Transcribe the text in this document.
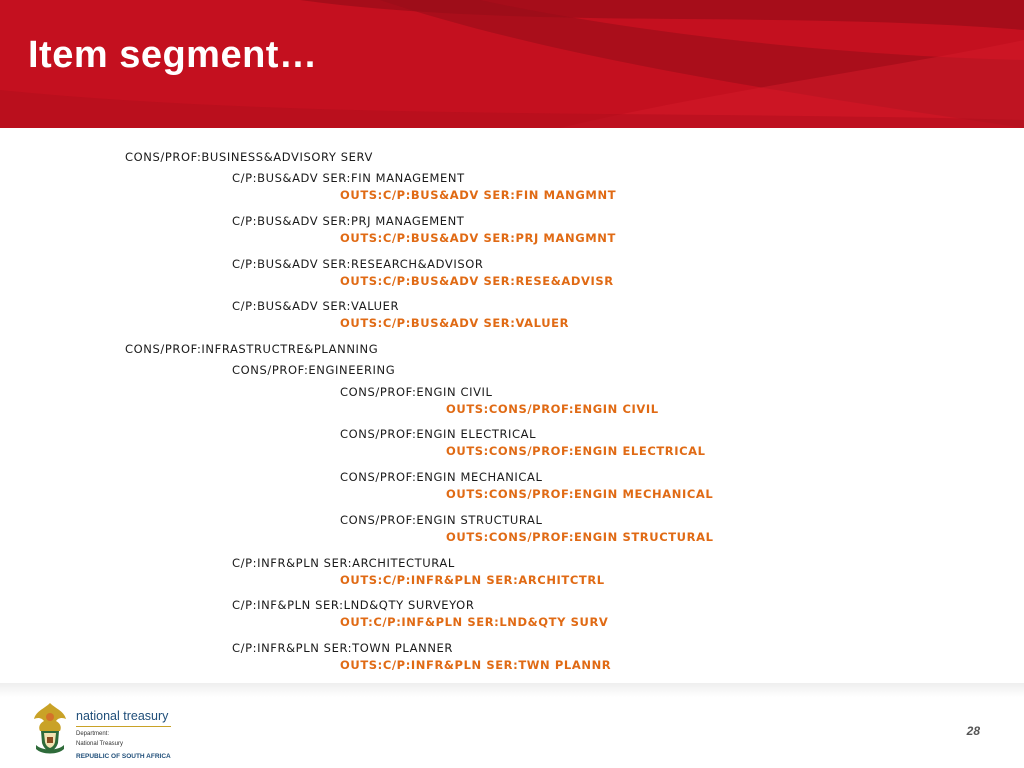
Item segment…
CONS/PROF:BUSINESS&ADVISORY SERV
C/P:BUS&ADV SER:FIN MANAGEMENT
OUTS:C/P:BUS&ADV SER:FIN MANGMNT
C/P:BUS&ADV SER:PRJ MANAGEMENT
OUTS:C/P:BUS&ADV SER:PRJ MANGMNT
C/P:BUS&ADV SER:RESEARCH&ADVISOR
OUTS:C/P:BUS&ADV SER:RESE&ADVISR
C/P:BUS&ADV SER:VALUER
OUTS:C/P:BUS&ADV SER:VALUER
CONS/PROF:INFRASTRUCTRE&PLANNING
CONS/PROF:ENGINEERING
CONS/PROF:ENGIN CIVIL
OUTS:CONS/PROF:ENGIN CIVIL
CONS/PROF:ENGIN ELECTRICAL
OUTS:CONS/PROF:ENGIN ELECTRICAL
CONS/PROF:ENGIN MECHANICAL
OUTS:CONS/PROF:ENGIN MECHANICAL
CONS/PROF:ENGIN STRUCTURAL
OUTS:CONS/PROF:ENGIN STRUCTURAL
C/P:INFR&PLN SER:ARCHITECTURAL
OUTS:C/P:INFR&PLN SER:ARCHITCTRL
C/P:INF&PLN SER:LND&QTY SURVEYOR
OUT:C/P:INF&PLN SER:LND&QTY SURV
C/P:INFR&PLN SER:TOWN PLANNER
OUTS:C/P:INFR&PLN SER:TWN PLANNR
national treasury
Department:
National Treasury
REPUBLIC OF SOUTH AFRICA
28
